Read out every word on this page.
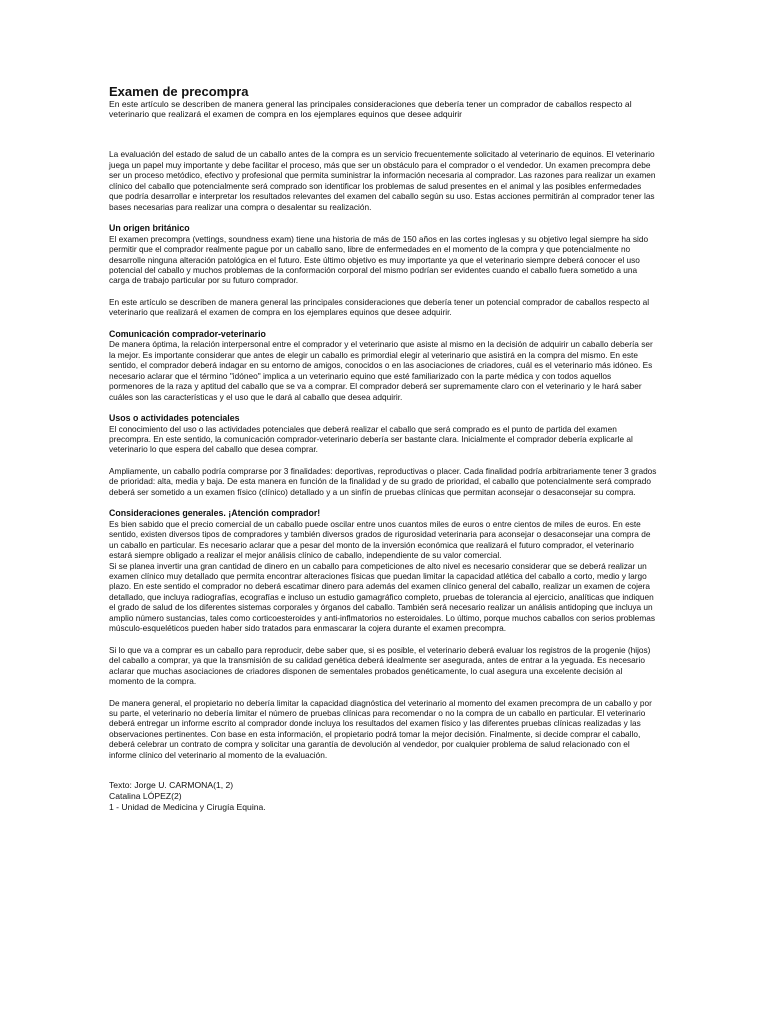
Examen de precompra

En este artículo se describen de manera general las principales consideraciones que debería tener un comprador de caballos respecto al veterinario que realizará el examen de compra en los ejemplares equinos que desee adquirir

La evaluación del estado de salud de un caballo antes de la compra es un servicio frecuentemente solicitado al veterinario de equinos. El veterinario juega un papel muy importante y debe facilitar el proceso, más que ser un obstáculo para el comprador o el vendedor. Un examen precompra debe ser un proceso metódico, efectivo y profesional que permita suministrar la información necesaria al comprador. Las razones para realizar un examen clínico del caballo que potencialmente será comprado son identificar los problemas de salud presentes en el animal y las posibles enfermedades que podría desarrollar e interpretar los resultados relevantes del examen del caballo según su uso. Estas acciones permitirán al comprador tener las bases necesarias para realizar una compra o desalentar su realización.

Un origen británico

El examen precompra (vettings, soundness exam) tiene una historia de más de 150 años en las cortes inglesas y su objetivo legal siempre ha sido permitir que el comprador realmente pague por un caballo sano, libre de enfermedades en el momento de la compra y que potencialmente no desarrolle ninguna alteración patológica en el futuro. Este último objetivo es muy importante ya que el veterinario siempre deberá conocer el uso potencial del caballo y muchos problemas de la conformación corporal del mismo podrían ser evidentes cuando el caballo fuera sometido a una carga de trabajo particular por su futuro comprador.

En este artículo se describen de manera general las principales consideraciones que debería tener un potencial comprador de caballos respecto al veterinario que realizará el examen de compra en los ejemplares equinos que desee adquirir.

Comunicación comprador-veterinario

De manera óptima, la relación interpersonal entre el comprador y el veterinario que asiste al mismo en la decisión de adquirir un caballo debería ser la mejor. Es importante considerar que antes de elegir un caballo es primordial elegir al veterinario que asistirá en la compra del mismo. En este sentido, el comprador deberá indagar en su entorno de amigos, conocidos o en las asociaciones de criadores, cuál es el veterinario más idóneo. Es necesario aclarar que el término "idóneo" implica a un veterinario equino que esté familiarizado con la parte médica y con todos aquellos pormenores de la raza y aptitud del caballo que se va a comprar. El comprador deberá ser supremamente claro con el veterinario y le hará saber cuáles son las características y el uso que le dará al caballo que desea adquirir.

Usos o actividades potenciales

El conocimiento del uso o las actividades potenciales que deberá realizar el caballo que será comprado es el punto de partida del examen precompra. En este sentido, la comunicación comprador-veterinario debería ser bastante clara. Inicialmente el comprador debería explicarle al veterinario lo que espera del caballo que desea comprar.

Ampliamente, un caballo podría comprarse por 3 finalidades: deportivas, reproductivas o placer. Cada finalidad podría arbitrariamente tener 3 grados de prioridad: alta, media y baja. De esta manera en función de la finalidad y de su grado de prioridad, el caballo que potencialmente será comprado deberá ser sometido a un examen físico (clínico) detallado y a un sinfín de pruebas clínicas que permitan aconsejar o desaconsejar su compra.

Consideraciones generales. ¡Atención comprador!

Es bien sabido que el precio comercial de un caballo puede oscilar entre unos cuantos miles de euros o entre cientos de miles de euros. En este sentido, existen diversos tipos de compradores y también diversos grados de rigurosidad veterinaria para aconsejar o desaconsejar una compra de un caballo en particular. Es necesario aclarar que a pesar del monto de la inversión económica que realizará el futuro comprador, el veterinario estará siempre obligado a realizar el mejor análisis clínico de caballo, independiente de su valor comercial.

Si se planea invertir una gran cantidad de dinero en un caballo para competiciones de alto nivel es necesario considerar que se deberá realizar un examen clínico muy detallado que permita encontrar alteraciones físicas que puedan limitar la capacidad atlética del caballo a corto, medio y largo plazo. En este sentido el comprador no deberá escatimar dinero para además del examen clínico general del caballo, realizar un examen de cojera detallado, que incluya radiografías, ecografías e incluso un estudio gamagráfico completo, pruebas de tolerancia al ejercicio, analíticas que indiquen el grado de salud de los diferentes sistemas corporales y órganos del caballo. También será necesario realizar un análisis antidoping que incluya un amplio número sustancias, tales como corticoesteroides y anti-inflmatorios no esteroidales. Lo último, porque muchos caballos con serios problemas músculo-esqueléticos pueden haber sido tratados para enmascarar la cojera durante el examen precompra.

Si lo que va a comprar es un caballo para reproducir, debe saber que, si es posible, el veterinario deberá evaluar los registros de la progenie (hijos) del caballo a comprar, ya que la transmisión de su calidad genética deberá idealmente ser asegurada, antes de entrar a la yeguada. Es necesario aclarar que muchas asociaciones de criadores disponen de sementales probados genéticamente, lo cual asegura una excelente decisión al momento de la compra.

De manera general, el propietario no debería limitar la capacidad diagnóstica del veterinario al momento del examen precompra de un caballo y por su parte, el veterinario no debería limitar el número de pruebas clínicas para recomendar o no la compra de un caballo en particular. El veterinario deberá entregar un informe escrito al comprador donde incluya los resultados del examen físico y las diferentes pruebas clínicas realizadas y las observaciones pertinentes. Con base en esta información, el propietario podrá tomar la mejor decisión. Finalmente, si decide comprar el caballo, deberá celebrar un contrato de compra y solicitar una garantía de devolución al vendedor, por cualquier problema de salud relacionado con el informe clínico del veterinario al momento de la evaluación.

Texto: Jorge U. CARMONA(1, 2)
Catalina LÓPEZ(2)
1 - Unidad de Medicina y Cirugía Equina.
